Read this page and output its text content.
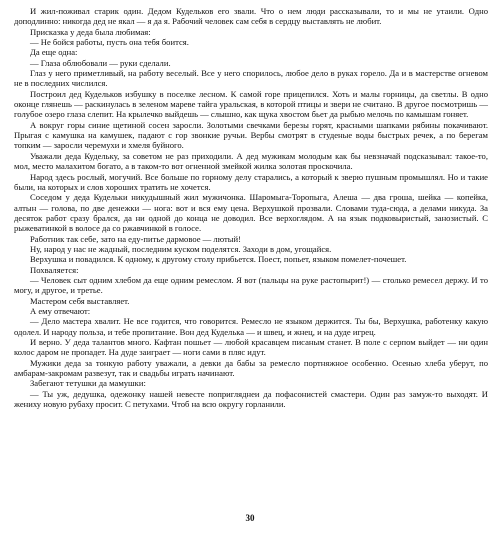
И жил-поживал старик один. Дедом Кудельков его звали. Что о нем люди рассказывали, то и мы не утаили. Одно доподлинно: никогда дед не якал — я да я. Рабочий человек сам себя в сердцу выставлять не любит.

Присказка у деда была любимая:

— Не бойся работы, пусть она тебя боится.

Да еще одна:

— Глаза облюбовали — руки сделали.

Глаз у него приметливый, на работу веселый. Все у него спорилось, любое дело в руках горело. Да и в мастерстве огневом не в последних числился.

Построил дед Кудельков избушку в поселке лесном. К самой горе прицепился. Хоть и малы горницы, да светлы. В одно оконце глянешь — раскинулась в зеленом мареве тайга уральская, в которой птицы и звери не считано. В другое посмотришь — голубое озеро глаза слепит. На крылечко выйдешь — слышно, как щука хвостом бьет да рыбью мелочь по камышам гоняет.

А вокруг горы синие щетиной сосен заросли. Золотыми свечками березы горят, красными шапками рябины покачивают. Прыгая с камушка на камушек, падают с гор звонкие ручьи. Вербы смотрят в студеные воды быстрых речек, а по берегам топким — заросли черемухи и хмеля буйного.

Уважали деда Кудельку, за советом не раз приходили. А дед мужикам молодым как бы невзначай подсказывал: такое-то, мол, место малахитом богато, а в таком-то вот огненной змейкой жилка золотая проскочила.

Народ здесь рослый, могучий. Все больше по горному делу старались, а который к зверю пушным промышлял. Но и такие были, на которых и слов хороших тратить не хочется.

Соседом у деда Кудельки никудышный жил мужичонка. Шаромыга-Торопыга, Алеша — два гроша, шейка — копейка, алтын — голова, по две денежки — нога: вот и вся ему цена. Верхушкой прозвали. Словами туда-сюда, а делами никуда. За десяток работ сразу брался, да ни одной до конца не доводил. Все верхоглядом. А на язык подковыристый, занозистый. С рыжеватинкой в волосе да со ржавчинкой в голосе.

Работник так себе, зато на еду-питье дармовое — лютый!

Ну, народ у нас не жадный, последним куском поделятся. Заходи в дом, угощайся.

Верхушка и повадился. К одному, к другому столу прибьется. Поест, попьет, языком помелет-почешет.

Похваляется:

— Человек сыт одним хлебом да еще одним ремеслом. Я вот (пальцы на руке растопырит!) — столько ремесел держу. И то могу, и другое, и третье.

Мастером себя выставляет.

А ему отвечают:

— Дело мастера хвалит. Не все годится, что говорится. Ремесло не языком держится. Ты бы, Верхушка, работенку какую одолел. И народу польза, и тебе пропитание. Вон дед Куделька — и швец, и жнец, и на дуде игрец.

И верно. У деда талантов много. Кафтан пошьет — любой красавцем писаным станет. В поле с серпом выйдет — ни один колос даром не пропадет. На дуде заиграет — ноги сами в пляс идут.

Мужики деда за тонкую работу уважали, а девки да бабы за ремесло портняжное особенно. Осенью хлеба уберут, по амбарам-закромам развезут, так и свадьбы играть начинают.

Забегают тетушки да мамушки:

— Ты уж, дедушка, одежонку нашей невесте попригляднеи да пофасонистей смастери. Один раз замуж-то выходят. И жениху новую рубаху просит. С петухами. Чтоб на всю округу горланили.

30
